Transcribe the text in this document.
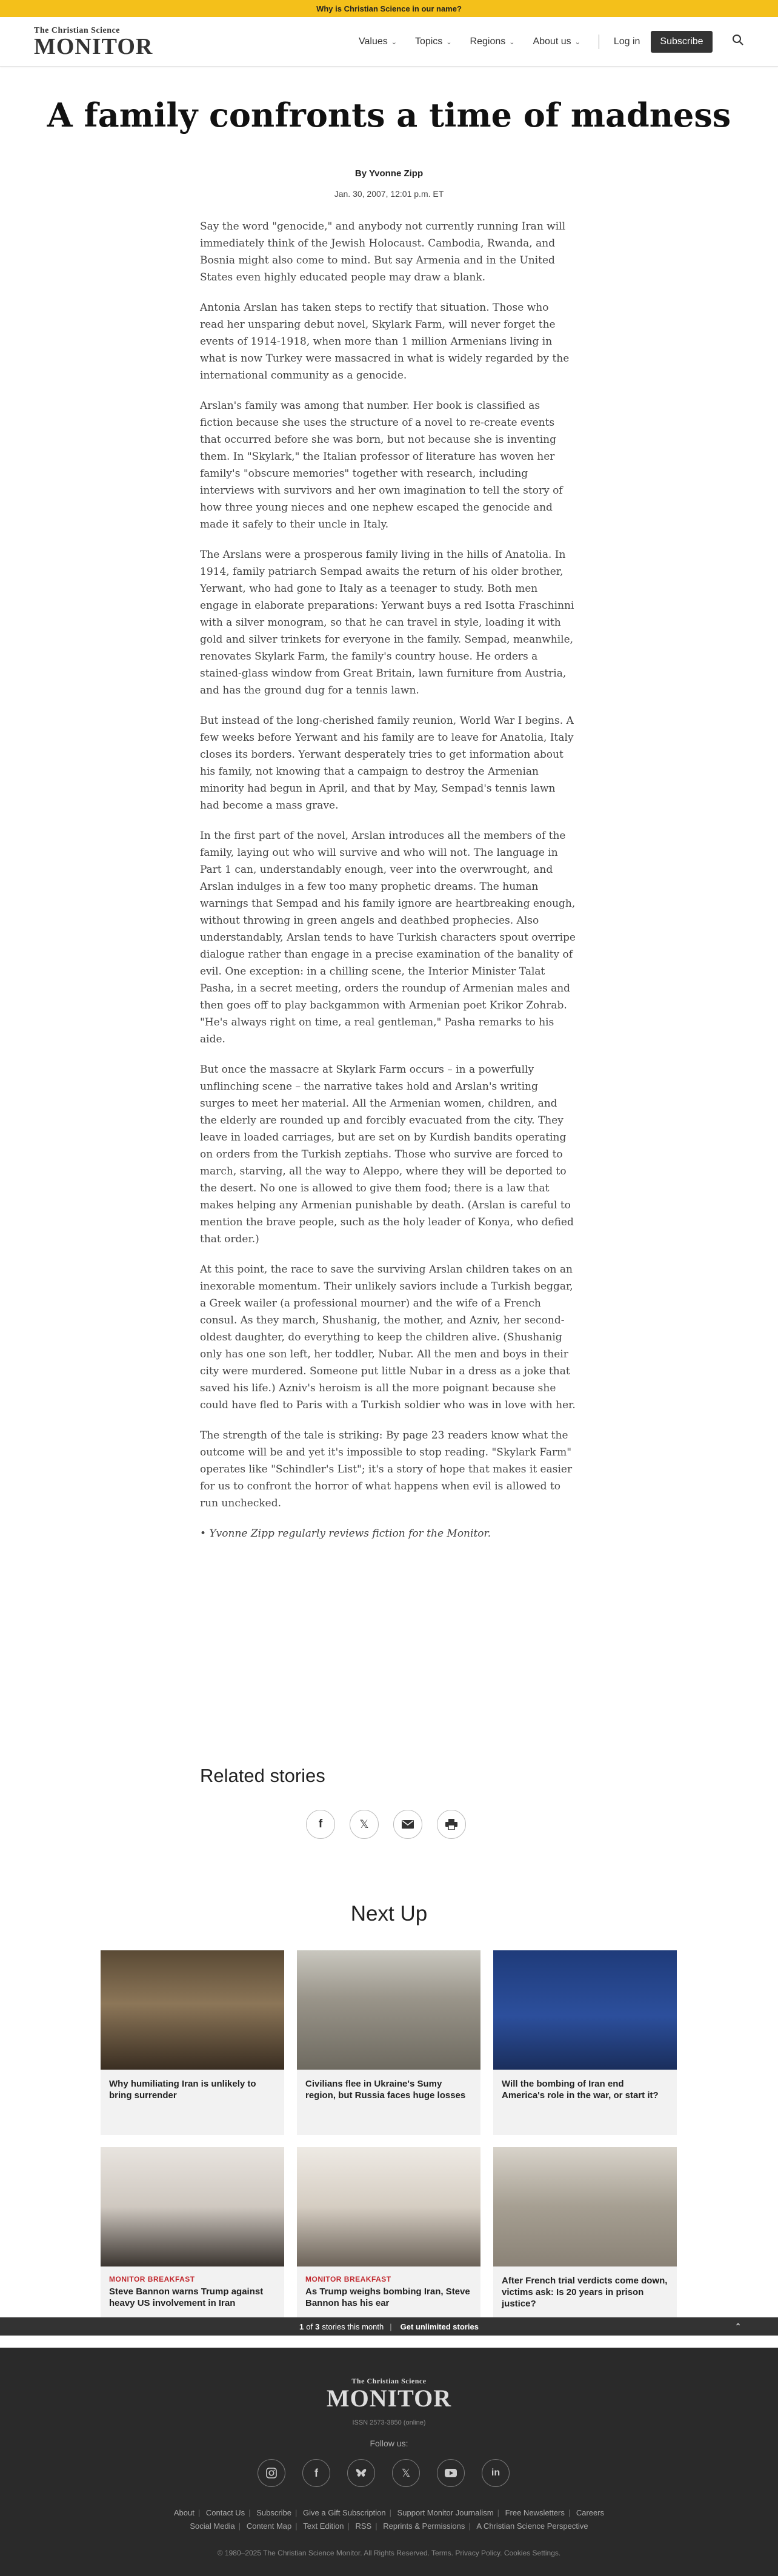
Why is Christian Science in our name?
The Christian Science
MONITOR	Values ⌄ Topics ⌄ Regions ⌄ About us ⌄	Log in	Subscribe
A family confronts a time of madness
By Yvonne Zipp
Jan. 30, 2007, 12:01 p.m. ET

Say the word "genocide," and anybody not currently running Iran will immediately think of the Jewish Holocaust. Cambodia, Rwanda, and Bosnia might also come to mind. But say Armenia and in the United States even highly educated people may draw a blank.

Antonia Arslan has taken steps to rectify that situation. Those who read her unsparing debut novel, Skylark Farm, will never forget the events of 1914-1918, when more than 1 million Armenians living in what is now Turkey were massacred in what is widely regarded by the international community as a genocide.

Arslan's family was among that number. Her book is classified as fiction because she uses the structure of a novel to re-create events that occurred before she was born, but not because she is inventing them. In "Skylark," the Italian professor of literature has woven her family's "obscure memories" together with research, including interviews with survivors and her own imagination to tell the story of how three young nieces and one nephew escaped the genocide and made it safely to their uncle in Italy.

The Arslans were a prosperous family living in the hills of Anatolia. In 1914, family patriarch Sempad awaits the return of his older brother, Yerwant, who had gone to Italy as a teenager to study. Both men engage in elaborate preparations: Yerwant buys a red Isotta Fraschinni with a silver monogram, so that he can travel in style, loading it with gold and silver trinkets for everyone in the family. Sempad, meanwhile, renovates Skylark Farm, the family's country house. He orders a stained-glass window from Great Britain, lawn furniture from Austria, and has the ground dug for a tennis lawn.

But instead of the long-cherished family reunion, World War I begins. A few weeks before Yerwant and his family are to leave for Anatolia, Italy closes its borders. Yerwant desperately tries to get information about his family, not knowing that a campaign to destroy the Armenian minority had begun in April, and that by May, Sempad's tennis lawn had become a mass grave.

In the first part of the novel, Arslan introduces all the members of the family, laying out who will survive and who will not. The language in Part 1 can, understandably enough, veer into the overwrought, and Arslan indulges in a few too many prophetic dreams. The human warnings that Sempad and his family ignore are heartbreaking enough, without throwing in green angels and deathbed prophecies. Also understandably, Arslan tends to have Turkish characters spout overripe dialogue rather than engage in a precise examination of the banality of evil. One exception: in a chilling scene, the Interior Minister Talat Pasha, in a secret meeting, orders the roundup of Armenian males and then goes off to play backgammon with Armenian poet Krikor Zohrab. "He's always right on time, a real gentleman," Pasha remarks to his aide.

But once the massacre at Skylark Farm occurs – in a powerfully unflinching scene – the narrative takes hold and Arslan's writing surges to meet her material. All the Armenian women, children, and the elderly are rounded up and forcibly evacuated from the city. They leave in loaded carriages, but are set on by Kurdish bandits operating on orders from the Turkish zeptiahs. Those who survive are forced to march, starving, all the way to Aleppo, where they will be deported to the desert. No one is allowed to give them food; there is a law that makes helping any Armenian punishable by death. (Arslan is careful to mention the brave people, such as the holy leader of Konya, who defied that order.)

At this point, the race to save the surviving Arslan children takes on an inexorable momentum. Their unlikely saviors include a Turkish beggar, a Greek wailer (a professional mourner) and the wife of a French consul. As they march, Shushanig, the mother, and Azniv, her second-oldest daughter, do everything to keep the children alive. (Shushanig only has one son left, her toddler, Nubar. All the men and boys in their city were murdered. Someone put little Nubar in a dress as a joke that saved his life.) Azniv's heroism is all the more poignant because she could have fled to Paris with a Turkish soldier who was in love with her.

The strength of the tale is striking: By page 23 readers know what the outcome will be and yet it's impossible to stop reading. "Skylark Farm" operates like "Schindler's List"; it's a story of hope that makes it easier for us to confront the horror of what happens when evil is allowed to run unchecked.

• Yvonne Zipp regularly reviews fiction for the Monitor.

Related stories
f	𝕏
Next Up
Why humiliating Iran is unlikely to bring surrender
Civilians flee in Ukraine's Sumy region, but Russia faces huge losses
Will the bombing of Iran end America's role in the war, or start it?
MONITOR BREAKFAST
Steve Bannon warns Trump against heavy US involvement in Iran
MONITOR BREAKFAST
As Trump weighs bombing Iran, Steve Bannon has his ear
After French trial verdicts come down, victims ask: Is 20 years in prison justice?
1 of 3 stories this month | Get unlimited stories	⌃
The Christian Science
MONITOR
ISSN 2573-3850 (online)
Follow us:
f	𝕏	in
About | Contact Us | Subscribe | Give a Gift Subscription | Support Monitor Journalism | Free Newsletters | Careers
Social Media | Content Map | Text Edition | RSS | Reprints & Permissions | A Christian Science Perspective
© 1980–2025 The Christian Science Monitor. All Rights Reserved. Terms. Privacy Policy. Cookies Settings.
